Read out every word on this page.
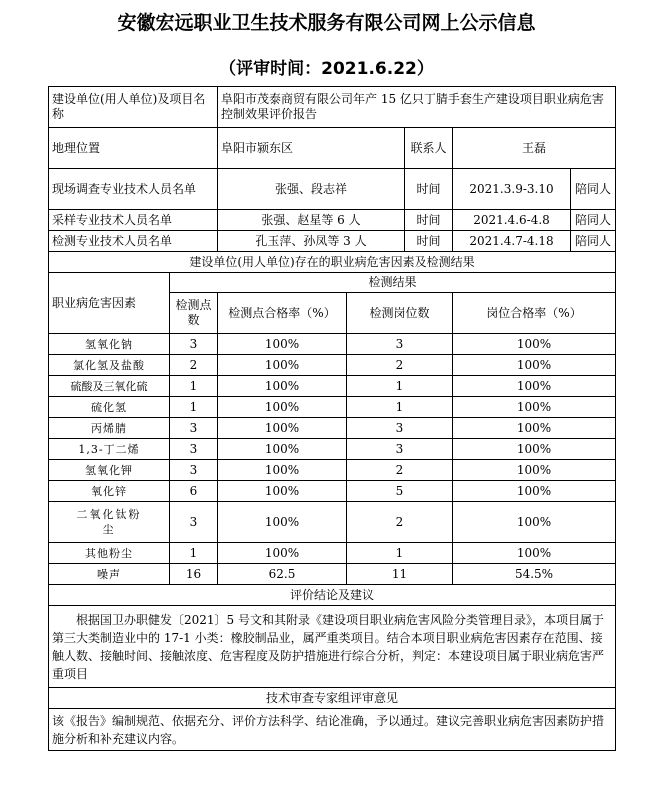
安徽宏远职业卫生技术服务有限公司网上公示信息
（评审时间：2021.6.22）
建设单位(用人单位)及项目名称		阜阳市茂泰商贸有限公司年产 15 亿只丁腈手套生产建设项目职业病危害控制效果评价报告				
地理位置		阜阳市颍东区		联系人	王磊	
现场调查专业技术人员名单		张强、段志祥		时间	2021.3.9-3.10	陪同人
采样专业技术人员名单		张强、赵星等 6 人		时间	2021.4.6-4.8	陪同人
检测专业技术人员名单		孔玉萍、孙凤等 3 人		时间	2021.4.7-4.18	陪同人
建设单位(用人单位)存在的职业病危害因素及检测结果						
职业病危害因素	检测结果					
	检测点数	检测点合格率（%）	检测岗位数		岗位合格率（%）	
氢氧化钠	3	100%	3		100%	
氯化氢及盐酸	2	100%	2		100%	
硫酸及三氧化硫	1	100%	1		100%	
硫化氢	1	100%	1		100%	
丙烯腈	3	100%	3		100%	
1,3-丁二烯	3	100%	3		100%	
氢氧化钾	3	100%	2		100%	
氧化锌	6	100%	5		100%	
二氧化钛粉尘	3	100%	2		100%	
其他粉尘	1	100%	1		100%	
噪声	16	62.5	11		54.5%	
评价结论及建议						
根据国卫办职健发〔2021〕5 号文和其附录《建设项目职业病危害风险分类管理目录》，本项目属于第三大类制造业中的 17-1 小类：橡胶制品业，属严重类项目。结合本项目职业病危害因素存在范围、接触人数、接触时间、接触浓度、危害程度及防护措施进行综合分析，判定：本建设项目属于职业病危害严重项目						
技术审查专家组评审意见						
该《报告》编制规范、依据充分、评价方法科学、结论准确，予以通过。建议完善职业病危害因素防护措施分析和补充建议内容。						
